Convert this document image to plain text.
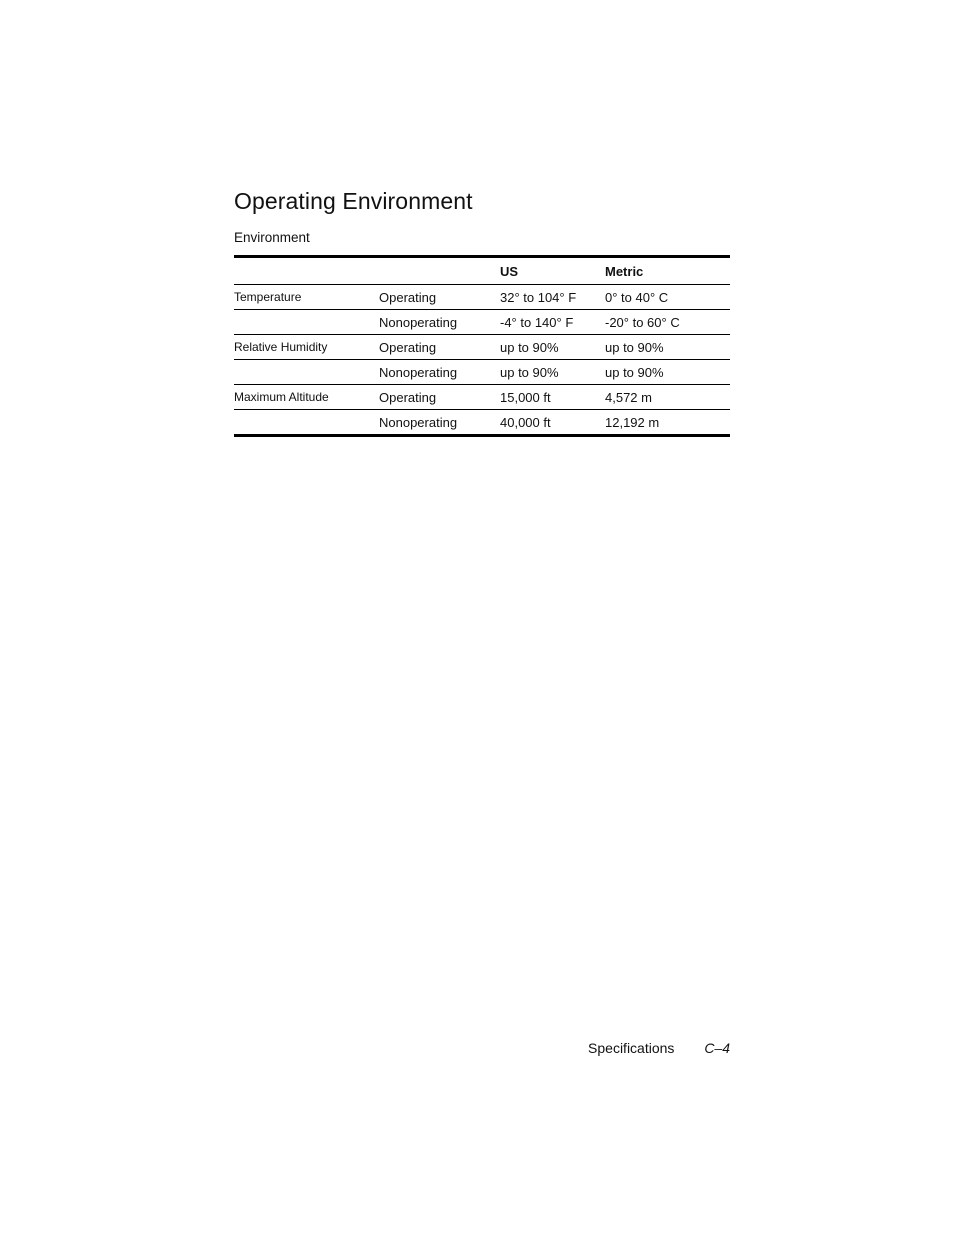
Operating Environment
Environment
		US	Metric
Temperature	Operating	32° to 104° F	0° to 40° C
	Nonoperating	-4° to 140° F	-20° to 60° C
Relative Humidity	Operating	up to 90%	up to 90%
	Nonoperating	up to 90%	up to 90%
Maximum Altitude	Operating	15,000 ft	4,572 m
	Nonoperating	40,000 ft	12,192 m
Specifications C–4
